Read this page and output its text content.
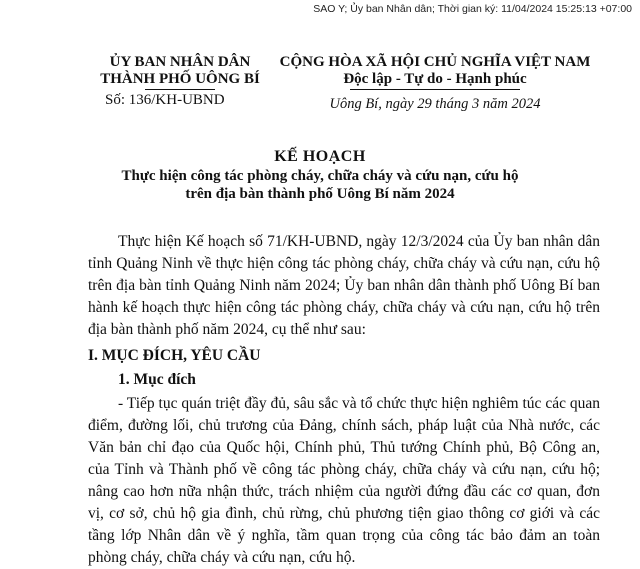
SAO Y; Ủy ban Nhân dân; Thời gian ký: 11/04/2024 15:25:13 +07:00
ỦY BAN NHÂN DÂN
THÀNH PHỐ UÔNG BÍ
CỘNG HÒA XÃ HỘI CHỦ NGHĨA VIỆT NAM
Độc lập - Tự do - Hạnh phúc
Số: 136/KH-UBND	Uông Bí, ngày 29 tháng 3 năm 2024
KẾ HOẠCH
Thực hiện công tác phòng cháy, chữa cháy và cứu nạn, cứu hộ
trên địa bàn thành phố Uông Bí năm 2024

Thực hiện Kế hoạch số 71/KH-UBND, ngày 12/3/2024 của Ủy ban nhân dân tỉnh Quảng Ninh về thực hiện công tác phòng cháy, chữa cháy và cứu nạn, cứu hộ trên địa bàn tỉnh Quảng Ninh năm 2024; Ủy ban nhân dân thành phố Uông Bí ban hành kế hoạch thực hiện công tác phòng cháy, chữa cháy và cứu nạn, cứu hộ trên địa bàn thành phố năm 2024, cụ thể như sau:

I. MỤC ĐÍCH, YÊU CẦU
1. Mục đích

- Tiếp tục quán triệt đầy đủ, sâu sắc và tổ chức thực hiện nghiêm túc các quan điểm, đường lối, chủ trương của Đảng, chính sách, pháp luật của Nhà nước, các Văn bản chỉ đạo của Quốc hội, Chính phủ, Thủ tướng Chính phủ, Bộ Công an, của Tỉnh và Thành phố về công tác phòng cháy, chữa cháy và cứu nạn, cứu hộ; nâng cao hơn nữa nhận thức, trách nhiệm của người đứng đầu các cơ quan, đơn vị, cơ sở, chủ hộ gia đình, chủ rừng, chủ phương tiện giao thông cơ giới và các tầng lớp Nhân dân về ý nghĩa, tầm quan trọng của công tác bảo đảm an toàn phòng cháy, chữa cháy và cứu nạn, cứu hộ.
